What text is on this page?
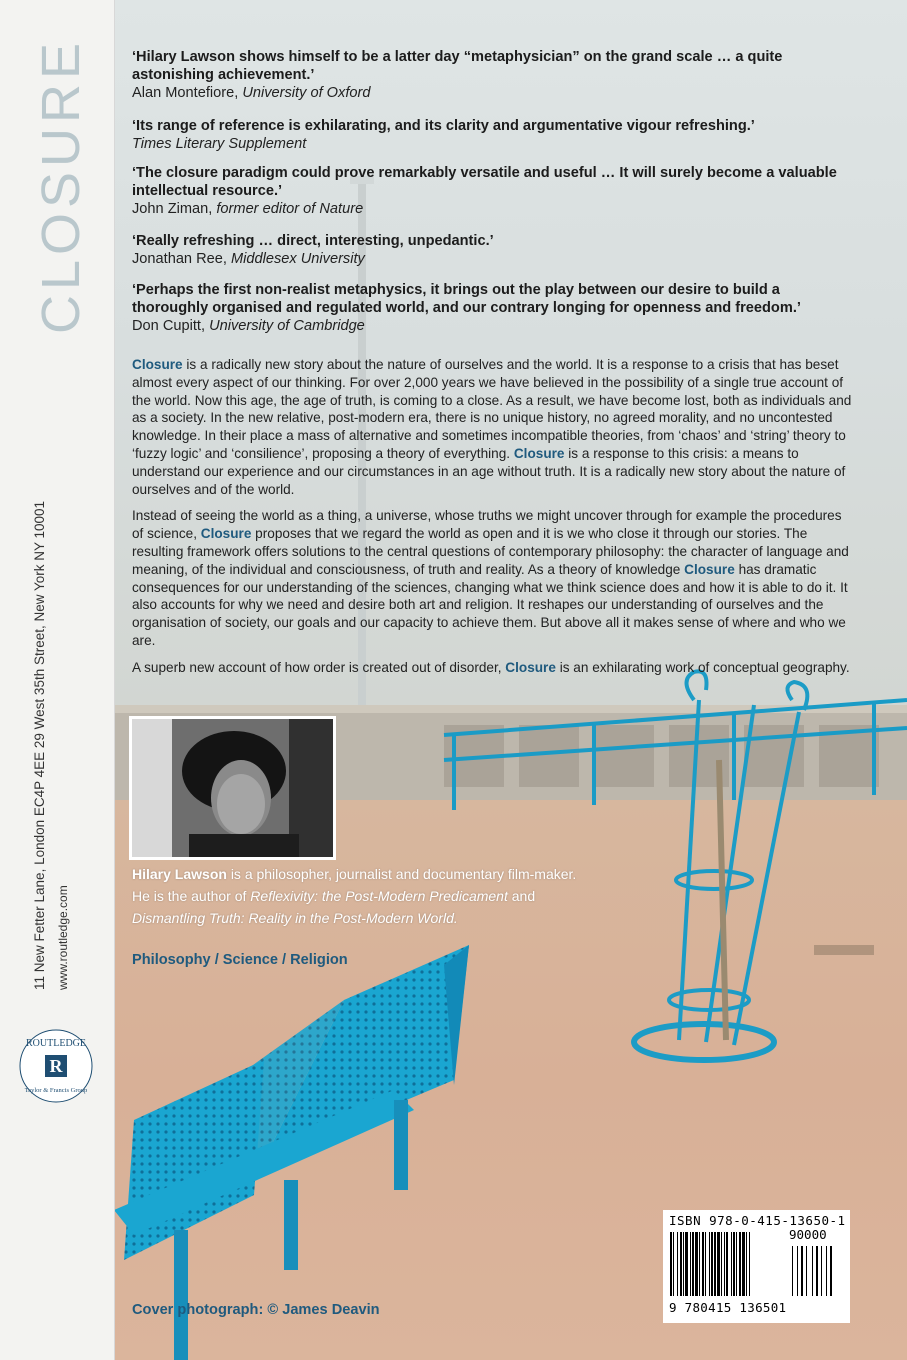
CLOSURE
11 New Fetter Lane, London EC4P 4EE 29 West 35th Street, New York NY 10001 www.routledge.com
R
ROUTLEDGE
Taylor & Francis Group
‘Hilary Lawson shows himself to be a latter day “metaphysician” on the grand scale … a quite astonishing achievement.’
Alan Montefiore, University of Oxford
‘Its range of reference is exhilarating, and its clarity and argumentative vigour refreshing.’
Times Literary Supplement
‘The closure paradigm could prove remarkably versatile and useful … It will surely become a valuable intellectual resource.’
John Ziman, former editor of Nature
‘Really refreshing … direct, interesting, unpedantic.’
Jonathan Ree, Middlesex University
‘Perhaps the first non-realist metaphysics, it brings out the play between our desire to build a thoroughly organised and regulated world, and our contrary longing for openness and freedom.’
Don Cupitt, University of Cambridge

Closure is a radically new story about the nature of ourselves and the world. It is a response to a crisis that has beset almost every aspect of our thinking. For over 2,000 years we have believed in the possibility of a single true account of the world. Now this age, the age of truth, is coming to a close. As a result, we have become lost, both as individuals and as a society. In the new relative, post-modern era, there is no unique history, no agreed morality, and no uncontested knowledge. In their place a mass of alternative and sometimes incompatible theories, from ‘chaos’ and ‘string’ theory to ‘fuzzy logic’ and ‘consilience’, proposing a theory of everything. Closure is a response to this crisis: a means to understand our experience and our circumstances in an age without truth. It is a radically new story about the nature of ourselves and of the world.

Instead of seeing the world as a thing, a universe, whose truths we might uncover through for example the procedures of science, Closure proposes that we regard the world as open and it is we who close it through our stories. The resulting framework offers solutions to the central questions of contemporary philosophy: the character of language and meaning, of the individual and consciousness, of truth and reality. As a theory of knowledge Closure has dramatic consequences for our understanding of the sciences, changing what we think science does and how it is able to do it. It also accounts for why we need and desire both art and religion. It reshapes our understanding of ourselves and the organisation of society, our goals and our capacity to achieve them. But above all it makes sense of where and who we are.

A superb new account of how order is created out of disorder, Closure is an exhilarating work of conceptual geography.

Hilary Lawson is a philosopher, journalist and documentary film-maker.
He is the author of Reflexivity: the Post-Modern Predicament and
Dismantling Truth: Reality in the Post-Modern World.
Philosophy / Science / Religion
Cover photograph: © James Deavin
ISBN 978-0-415-13650-1
90000
9 780415 136501
